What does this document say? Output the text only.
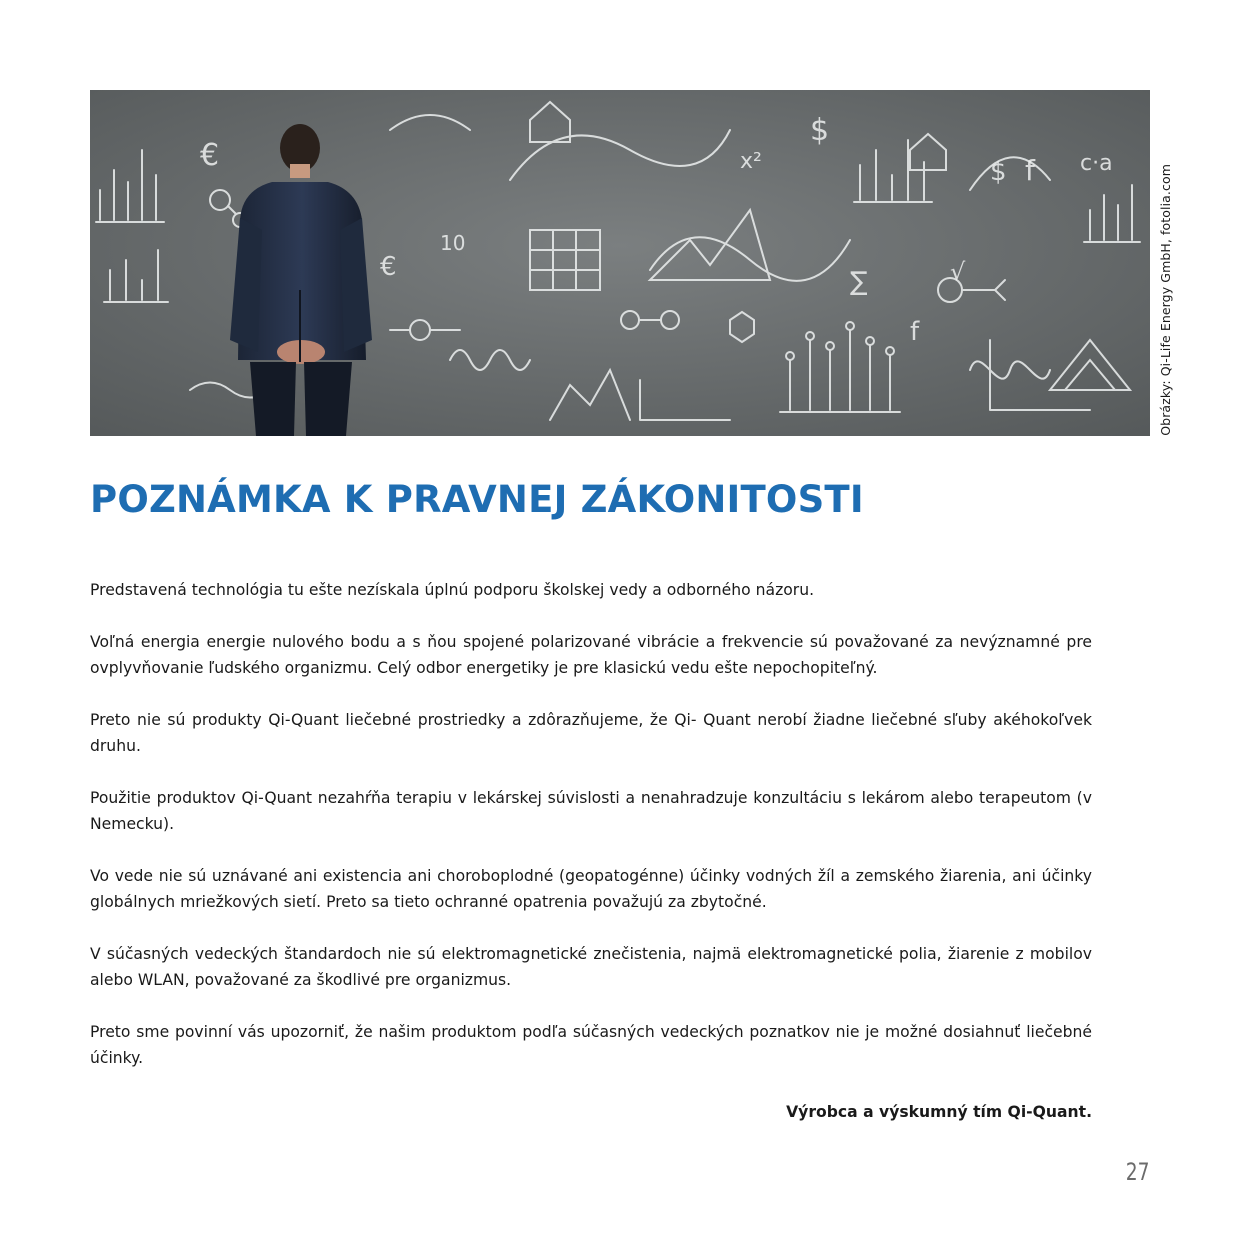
€
$
f c·a
x²
∑
10
€
$
f
√	Obrázky: Qi-Life Energy GmbH, fotolia.com
POZNÁMKA K PRAVNEJ ZÁKONITOSTI

Predstavená technológia tu ešte nezískala úplnú podporu školskej vedy a odborného názoru.

Voľná energia energie nulového bodu a s ňou spojené polarizované vibrácie a frekvencie sú považované za nevýznamné pre ovplyvňovanie ľudského organizmu. Celý odbor energetiky je pre klasickú vedu ešte nepochopiteľný.

Preto nie sú produkty Qi-Quant liečebné prostriedky a zdôrazňujeme, že Qi- Quant nerobí žiadne liečebné sľuby akéhokoľvek druhu.

Použitie produktov Qi-Quant nezahŕňa terapiu v lekárskej súvislosti a nenahradzuje konzultáciu s lekárom alebo terapeutom (v Nemecku).

Vo vede nie sú uznávané ani existencia ani choroboplodné (geopatogénne) účinky vodných žíl a zemského žiarenia, ani účinky globálnych mriežkových sietí. Preto sa tieto ochranné opatrenia považujú za zbytočné.

V súčasných vedeckých štandardoch nie sú elektromagnetické znečistenia, najmä elektromagnetické polia, žiarenie z mobilov alebo WLAN, považované za škodlivé pre organizmus.

Preto sme povinní vás upozorniť, že našim produktom podľa súčasných vedeckých poznatkov nie je možné dosiahnuť liečebné účinky.

Výrobca a výskumný tím Qi-Quant.

27
